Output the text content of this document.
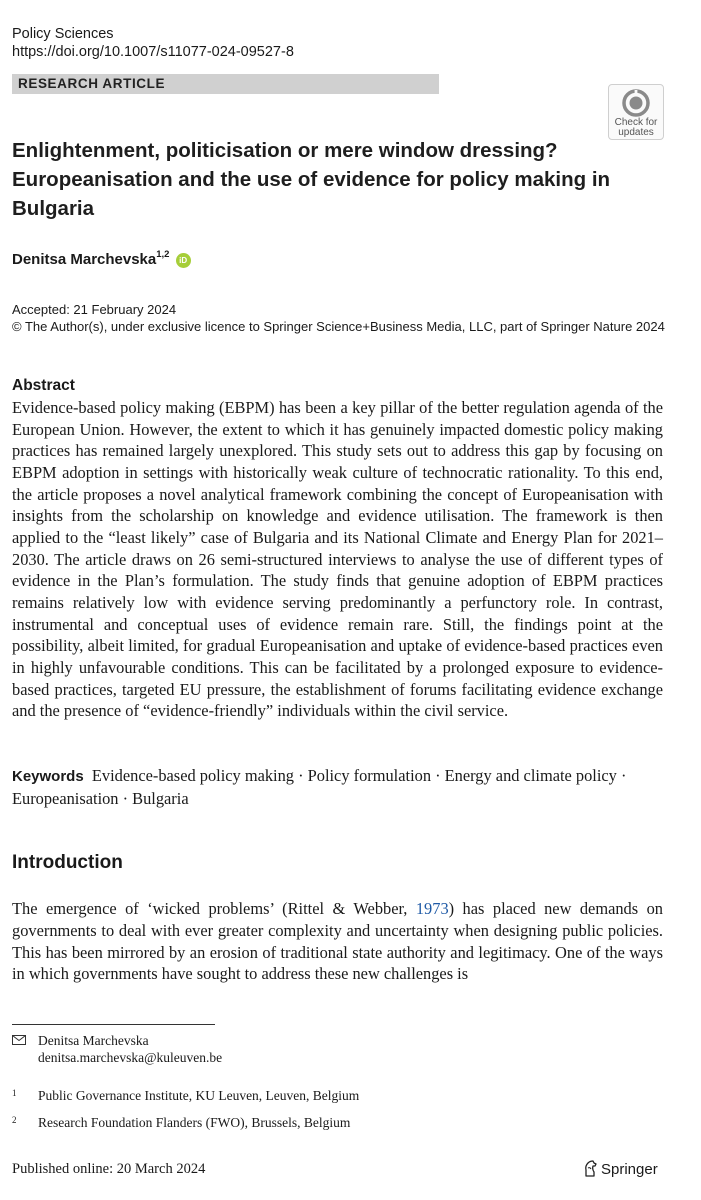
Policy Sciences
https://doi.org/10.1007/s11077-024-09527-8
RESEARCH ARTICLE
Check for
updates
Enlightenment, politicisation or mere window dressing? Europeanisation and the use of evidence for policy making in Bulgaria
Denitsa Marchevska$^{1,2}$ iD
Accepted: 21 February 2024
© The Author(s), under exclusive licence to Springer Science+Business Media, LLC, part of Springer Nature 2024
Abstract

Evidence-based policy making (EBPM) has been a key pillar of the better regulation agenda of the European Union. However, the extent to which it has genuinely impacted domestic policy making practices has remained largely unexplored. This study sets out to address this gap by focusing on EBPM adoption in settings with historically weak culture of technocratic rationality. To this end, the article proposes a novel analytical framework combining the concept of Europeanisation with insights from the scholarship on knowledge and evidence utilisation. The framework is then applied to the “least likely” case of Bulgaria and its National Climate and Energy Plan for 2021–2030. The article draws on 26 semi-structured interviews to analyse the use of different types of evidence in the Plan’s formulation. The study finds that genuine adoption of EBPM practices remains relatively low with evidence serving predominantly a perfunctory role. In contrast, instrumental and conceptual uses of evidence remain rare. Still, the findings point at the possibility, albeit limited, for gradual Europeanisation and uptake of evidence-based practices even in highly unfavourable conditions. This can be facilitated by a prolonged exposure to evidence-based practices, targeted EU pressure, the establishment of forums facilitating evidence exchange and the presence of “evidence-friendly” individuals within the civil service.

Keywords Evidence-based policy making · Policy formulation · Energy and climate policy · Europeanisation · Bulgaria

Introduction

The emergence of ‘wicked problems’ (Rittel & Webber, 1973) has placed new demands on governments to deal with ever greater complexity and uncertainty when designing public policies. This has been mirrored by an erosion of traditional state authority and legitimacy. One of the ways in which governments have sought to address these new challenges is

Denitsa Marchevska
denitsa.marchevska@kuleuven.be
1 Public Governance Institute, KU Leuven, Leuven, Belgium
2 Research Foundation Flanders (FWO), Brussels, Belgium
Published online: 20 March 2024	Springer
